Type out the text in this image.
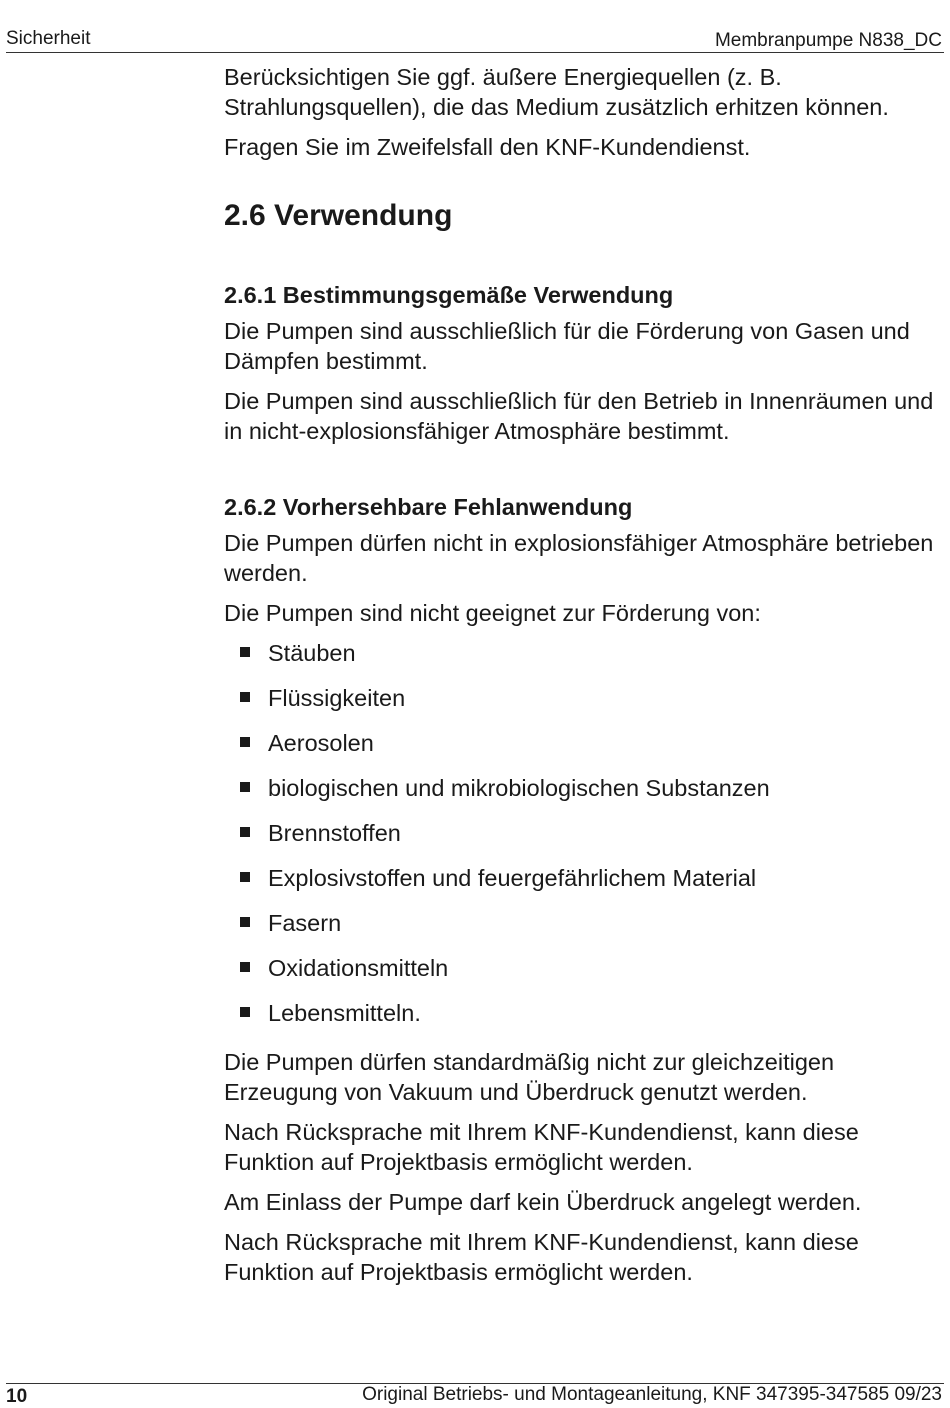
Sicherheit	Membranpumpe N838_DC

Berücksichtigen Sie ggf. äußere Energiequellen (z. B. Strahlungsquellen), die das Medium zusätzlich erhitzen können.

Fragen Sie im Zweifelsfall den KNF-Kundendienst.

2.6 Verwendung
2.6.1 Bestimmungsgemäße Verwendung

Die Pumpen sind ausschließlich für die Förderung von Gasen und Dämpfen bestimmt.

Die Pumpen sind ausschließlich für den Betrieb in Innenräumen und in nicht-explosionsfähiger Atmosphäre bestimmt.

2.6.2 Vorhersehbare Fehlanwendung

Die Pumpen dürfen nicht in explosionsfähiger Atmosphäre betrieben werden.

Die Pumpen sind nicht geeignet zur Förderung von:

Stäuben
Flüssigkeiten
Aerosolen
biologischen und mikrobiologischen Substanzen
Brennstoffen
Explosivstoffen und feuergefährlichem Material
Fasern
Oxidationsmitteln
Lebensmitteln.

Die Pumpen dürfen standardmäßig nicht zur gleichzeitigen Erzeugung von Vakuum und Überdruck genutzt werden.

Nach Rücksprache mit Ihrem KNF-Kundendienst, kann diese Funktion auf Projektbasis ermöglicht werden.

Am Einlass der Pumpe darf kein Überdruck angelegt werden.

Nach Rücksprache mit Ihrem KNF-Kundendienst, kann diese Funktion auf Projektbasis ermöglicht werden.

10	Original Betriebs- und Montageanleitung, KNF 347395-347585 09/23
